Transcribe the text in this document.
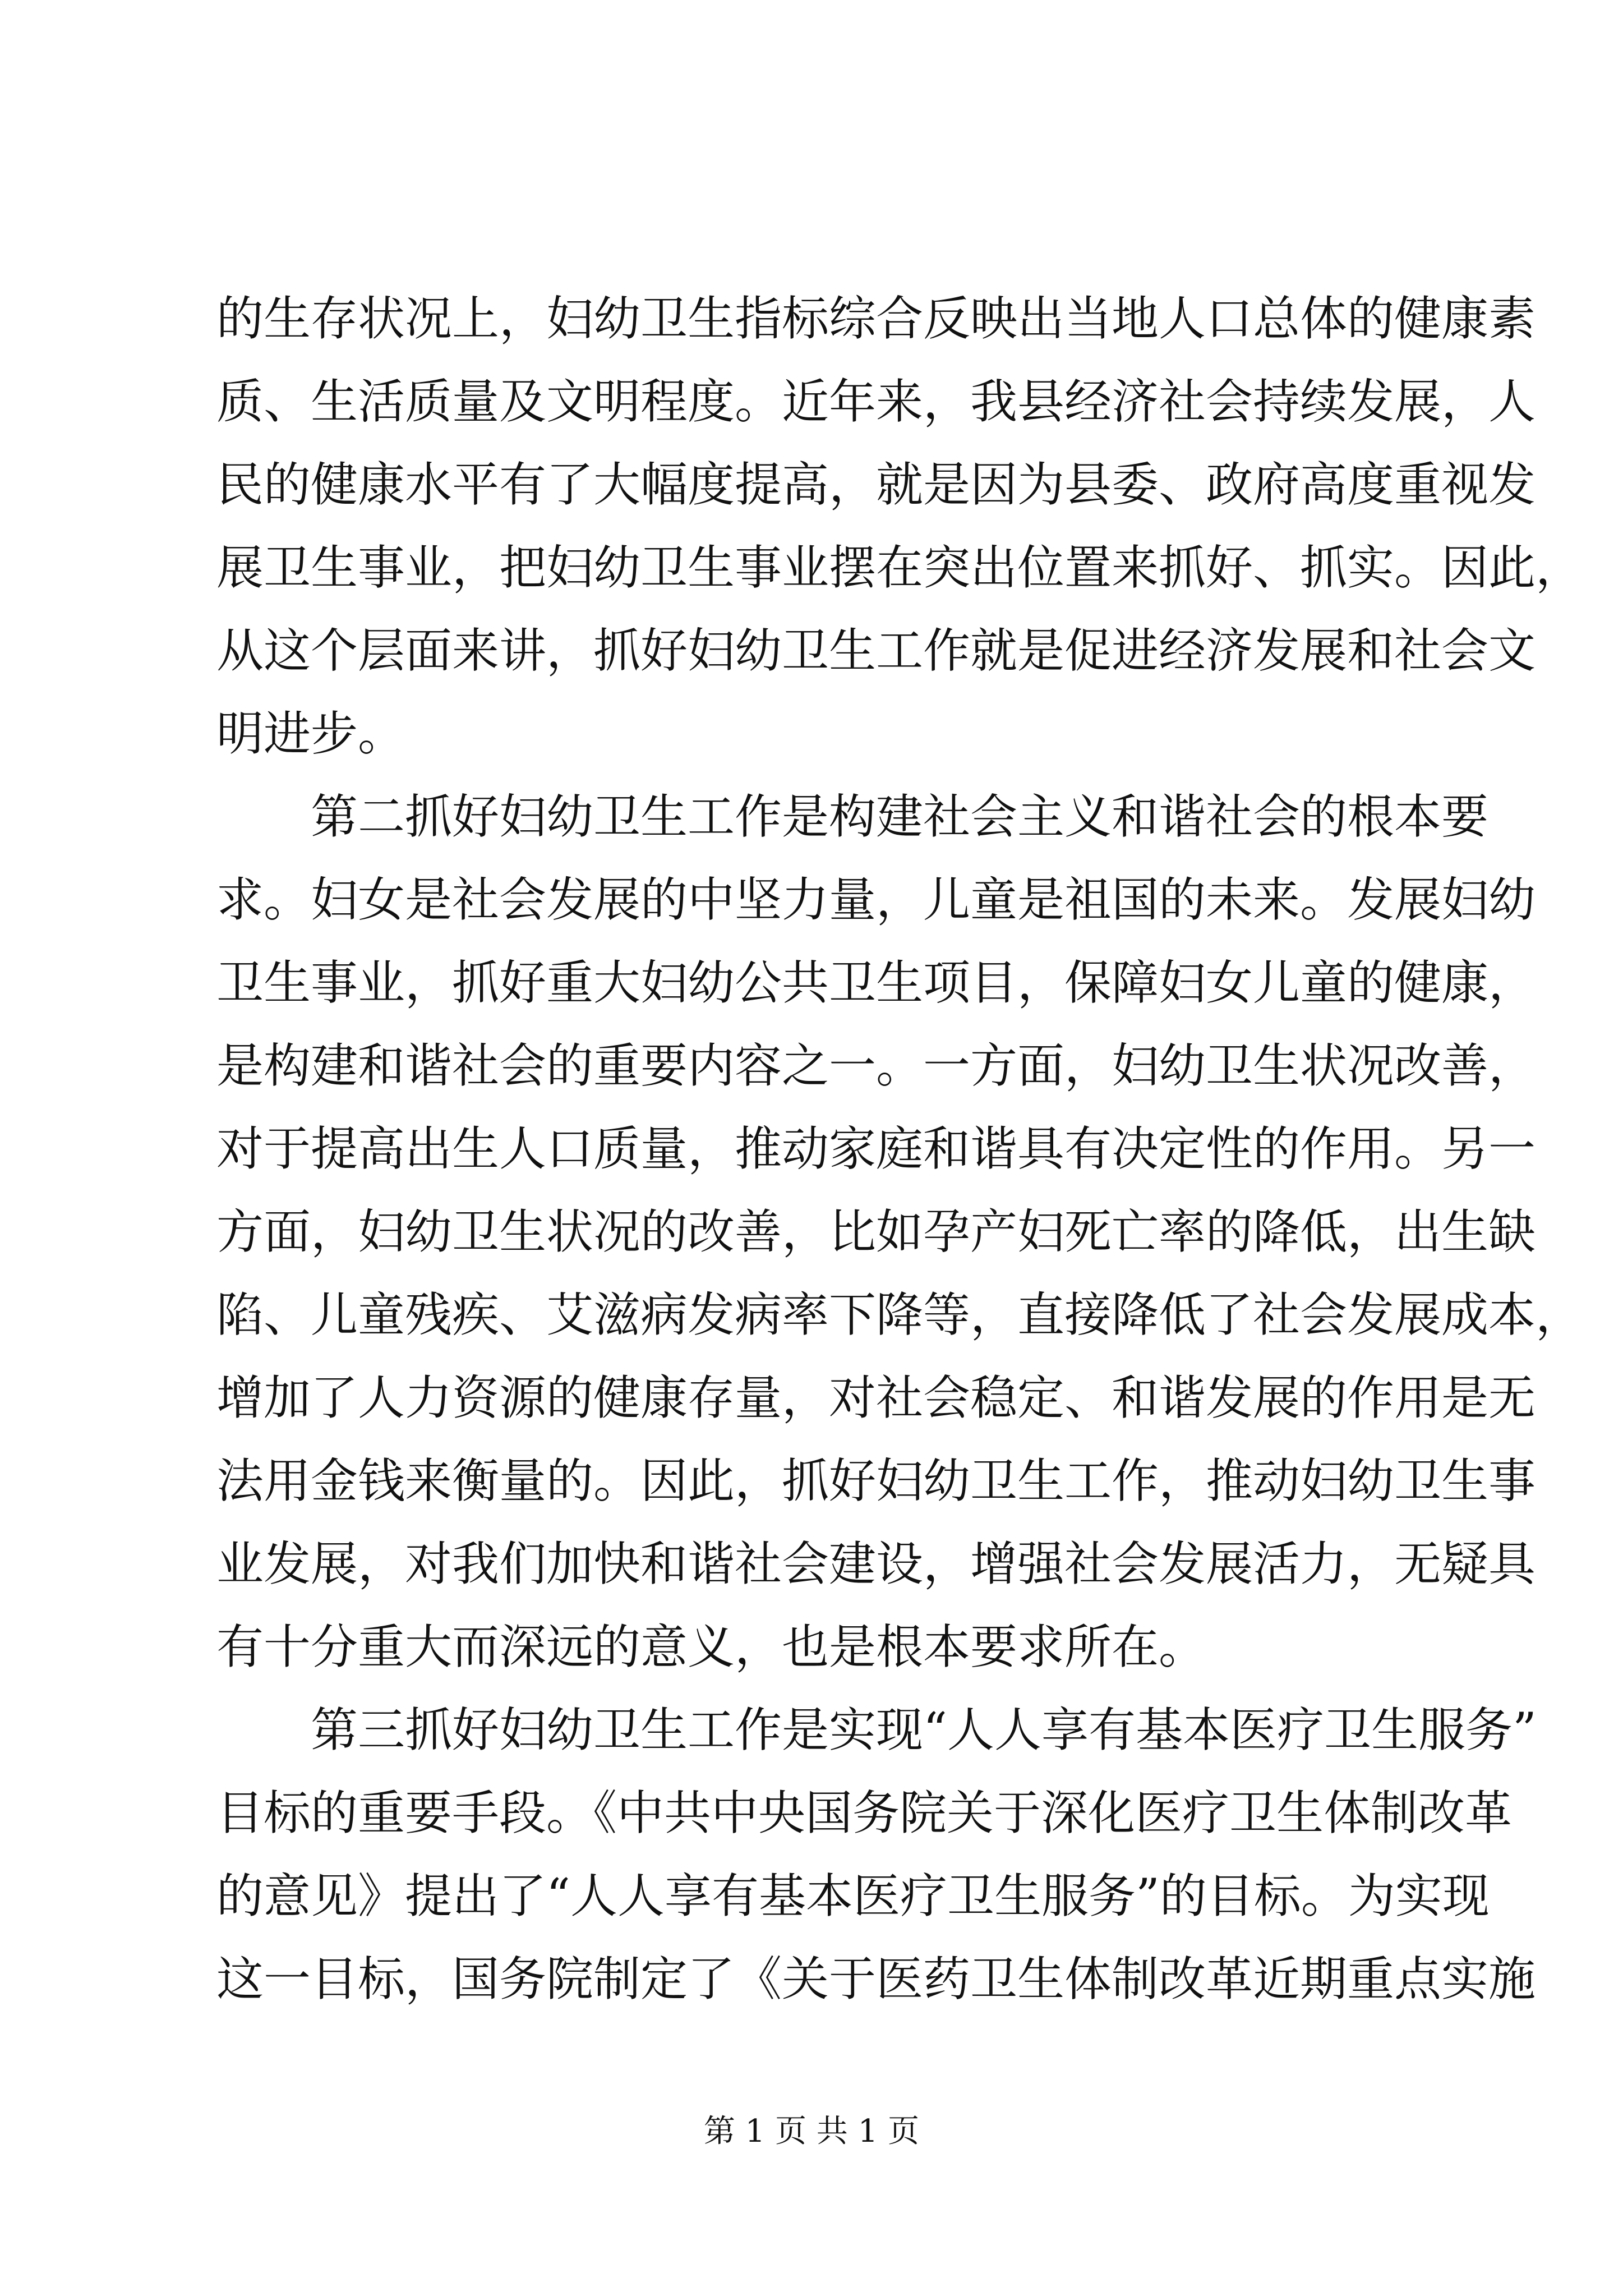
的生存状况上，妇幼卫生指标综合反映出当地人口总体的健康素
质、生活质量及文明程度。近年来，我县经济社会持续发展，人
民的健康水平有了大幅度提高，就是因为县委、政府高度重视发
展卫生事业，把妇幼卫生事业摆在突出位置来抓好、抓实。因此，
从这个层面来讲，抓好妇幼卫生工作就是促进经济发展和社会文
明进步。
第二抓好妇幼卫生工作是构建社会主义和谐社会的根本要
求。妇女是社会发展的中坚力量，儿童是祖国的未来。发展妇幼
卫生事业，抓好重大妇幼公共卫生项目，保障妇女儿童的健康，
是构建和谐社会的重要内容之一。一方面，妇幼卫生状况改善，
对于提高出生人口质量，推动家庭和谐具有决定性的作用。另一
方面，妇幼卫生状况的改善，比如孕产妇死亡率的降低，出生缺
陷、儿童残疾、艾滋病发病率下降等，直接降低了社会发展成本，
增加了人力资源的健康存量，对社会稳定、和谐发展的作用是无
法用金钱来衡量的。因此，抓好妇幼卫生工作，推动妇幼卫生事
业发展，对我们加快和谐社会建设，增强社会发展活力，无疑具
有十分重大而深远的意义，也是根本要求所在。
第三抓好妇幼卫生工作是实现“人人享有基本医疗卫生服务”
目标的重要手段。《中共中央国务院关于深化医疗卫生体制改革
的意见》提出了“人人享有基本医疗卫生服务”的目标。为实现
这一目标，国务院制定了《关于医药卫生体制改革近期重点实施
第 1 页 共 1 页
